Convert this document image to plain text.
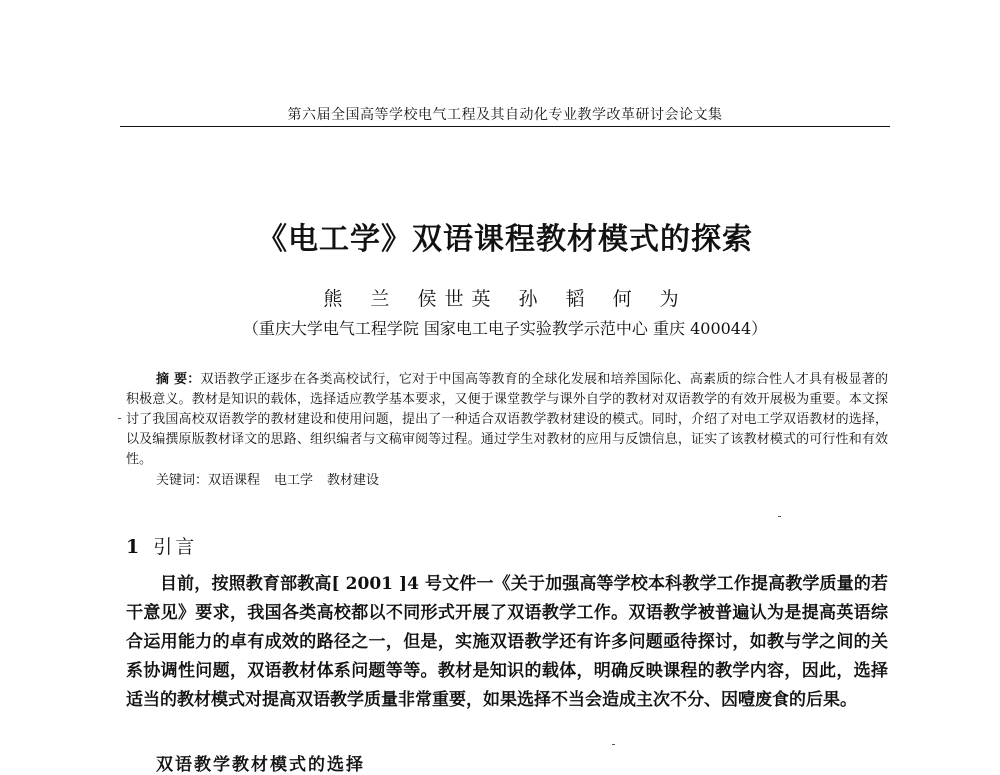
第六届全国高等学校电气工程及其自动化专业教学改革研讨会论文集
《电工学》双语课程教材模式的探索
熊 兰 侯世英 孙 韬 何 为
（重庆大学电气工程学院 国家电工电子实验教学示范中心 重庆 400044）
摘 要：双语教学正逐步在各类高校试行，它对于中国高等教育的全球化发展和培养国际化、高素质的综合性人才具有极显著的积极意义。教材是知识的载体，选择适应教学基本要求，又便于课堂教学与课外自学的教材对双语教学的有效开展极为重要。本文探讨了我国高校双语教学的教材建设和使用问题，提出了一种适合双语教学教材建设的模式。同时，介绍了对电工学双语教材的选择，以及编撰原版教材译文的思路、组织编者与文稿审阅等过程。通过学生对教材的应用与反馈信息，证实了该教材模式的可行性和有效性。
关键词：双语课程 电工学 教材建设
1 引言
目前，按照教育部教高[ 2001 ]4 号文件一《关于加强高等学校本科教学工作提高教学质量的若干意见》要求，我国各类高校都以不同形式开展了双语教学工作。双语教学被普遍认为是提高英语综合运用能力的卓有成效的路径之一，但是，实施双语教学还有许多问题亟待探讨，如教与学之间的关系协调性问题，双语教材体系问题等等。教材是知识的载体，明确反映课程的教学内容，因此，选择适当的教材模式对提高双语教学质量非常重要，如果选择不当会造成主次不分、因噎废食的后果。
双语教学教材模式的选择
